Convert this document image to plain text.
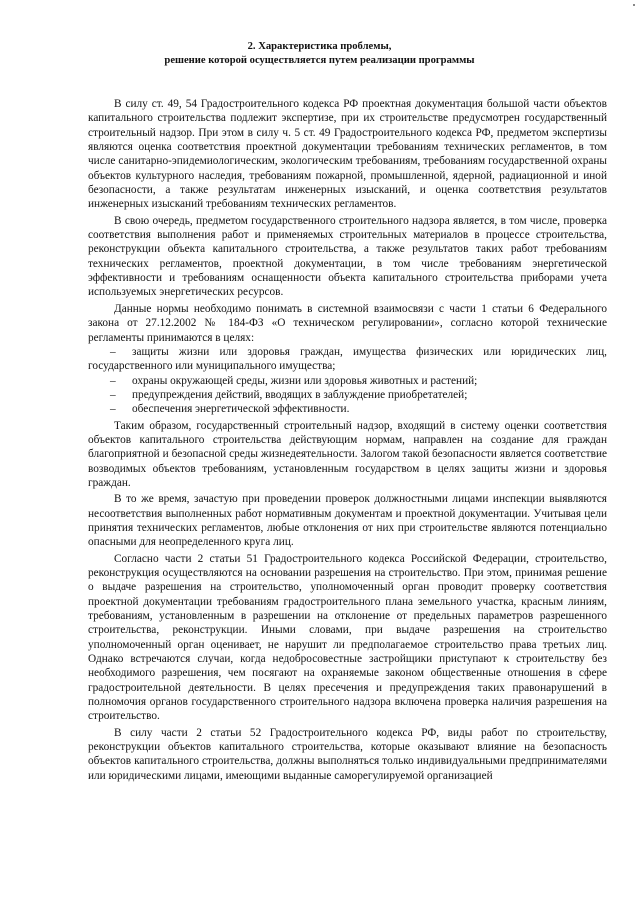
2. Характеристика проблемы,
решение которой осуществляется путем реализации программы

В силу ст. 49, 54 Градостроительного кодекса РФ проектная документация большой части объектов капитального строительства подлежит экспертизе, при их строительстве предусмотрен государственный строительный надзор. При этом в силу ч. 5 ст. 49 Градостроительного кодекса РФ, предметом экспертизы являются оценка соответствия проектной документации требованиям технических регламентов, в том числе санитарно-эпидемиологическим, экологическим требованиям, требованиям государственной охраны объектов культурного наследия, требованиям пожарной, промышленной, ядерной, радиационной и иной безопасности, а также результатам инженерных изысканий, и оценка соответствия результатов инженерных изысканий требованиям технических регламентов.

В свою очередь, предметом государственного строительного надзора является, в том числе, проверка соответствия выполнения работ и применяемых строительных материалов в процессе строительства, реконструкции объекта капитального строительства, а также результатов таких работ требованиям технических регламентов, проектной документации, в том числе требованиям энергетической эффективности и требованиям оснащенности объекта капитального строительства приборами учета используемых энергетических ресурсов.

Данные нормы необходимо понимать в системной взаимосвязи с части 1 статьи 6 Федерального закона от 27.12.2002 № 184-ФЗ «О техническом регулировании», согласно которой технические регламенты принимаются в целях:

– защиты жизни или здоровья граждан, имущества физических или юридических лиц, государственного или муниципального имущества;

– охраны окружающей среды, жизни или здоровья животных и растений;

– предупреждения действий, вводящих в заблуждение приобретателей;

– обеспечения энергетической эффективности.

Таким образом, государственный строительный надзор, входящий в систему оценки соответствия объектов капитального строительства действующим нормам, направлен на создание для граждан благоприятной и безопасной среды жизнедеятельности. Залогом такой безопасности является соответствие возводимых объектов требованиям, установленным государством в целях защиты жизни и здоровья граждан.

В то же время, зачастую при проведении проверок должностными лицами инспекции выявляются несоответствия выполненных работ нормативным документам и проектной документации. Учитывая цели принятия технических регламентов, любые отклонения от них при строительстве являются потенциально опасными для неопределенного круга лиц.

Согласно части 2 статьи 51 Градостроительного кодекса Российской Федерации, строительство, реконструкция осуществляются на основании разрешения на строительство. При этом, принимая решение о выдаче разрешения на строительство, уполномоченный орган проводит проверку соответствия проектной документации требованиям градостроительного плана земельного участка, красным линиям, требованиям, установленным в разрешении на отклонение от предельных параметров разрешенного строительства, реконструкции. Иными словами, при выдаче разрешения на строительство уполномоченный орган оценивает, не нарушит ли предполагаемое строительство права третьих лиц. Однако встречаются случаи, когда недобросовестные застройщики приступают к строительству без необходимого разрешения, чем посягают на охраняемые законом общественные отношения в сфере градостроительной деятельности. В целях пресечения и предупреждения таких правонарушений в полномочия органов государственного строительного надзора включена проверка наличия разрешения на строительство.

В силу части 2 статьи 52 Градостроительного кодекса РФ, виды работ по строительству, реконструкции объектов капитального строительства, которые оказывают влияние на безопасность объектов капитального строительства, должны выполняться только индивидуальными предпринимателями или юридическими лицами, имеющими выданные саморегулируемой организацией
